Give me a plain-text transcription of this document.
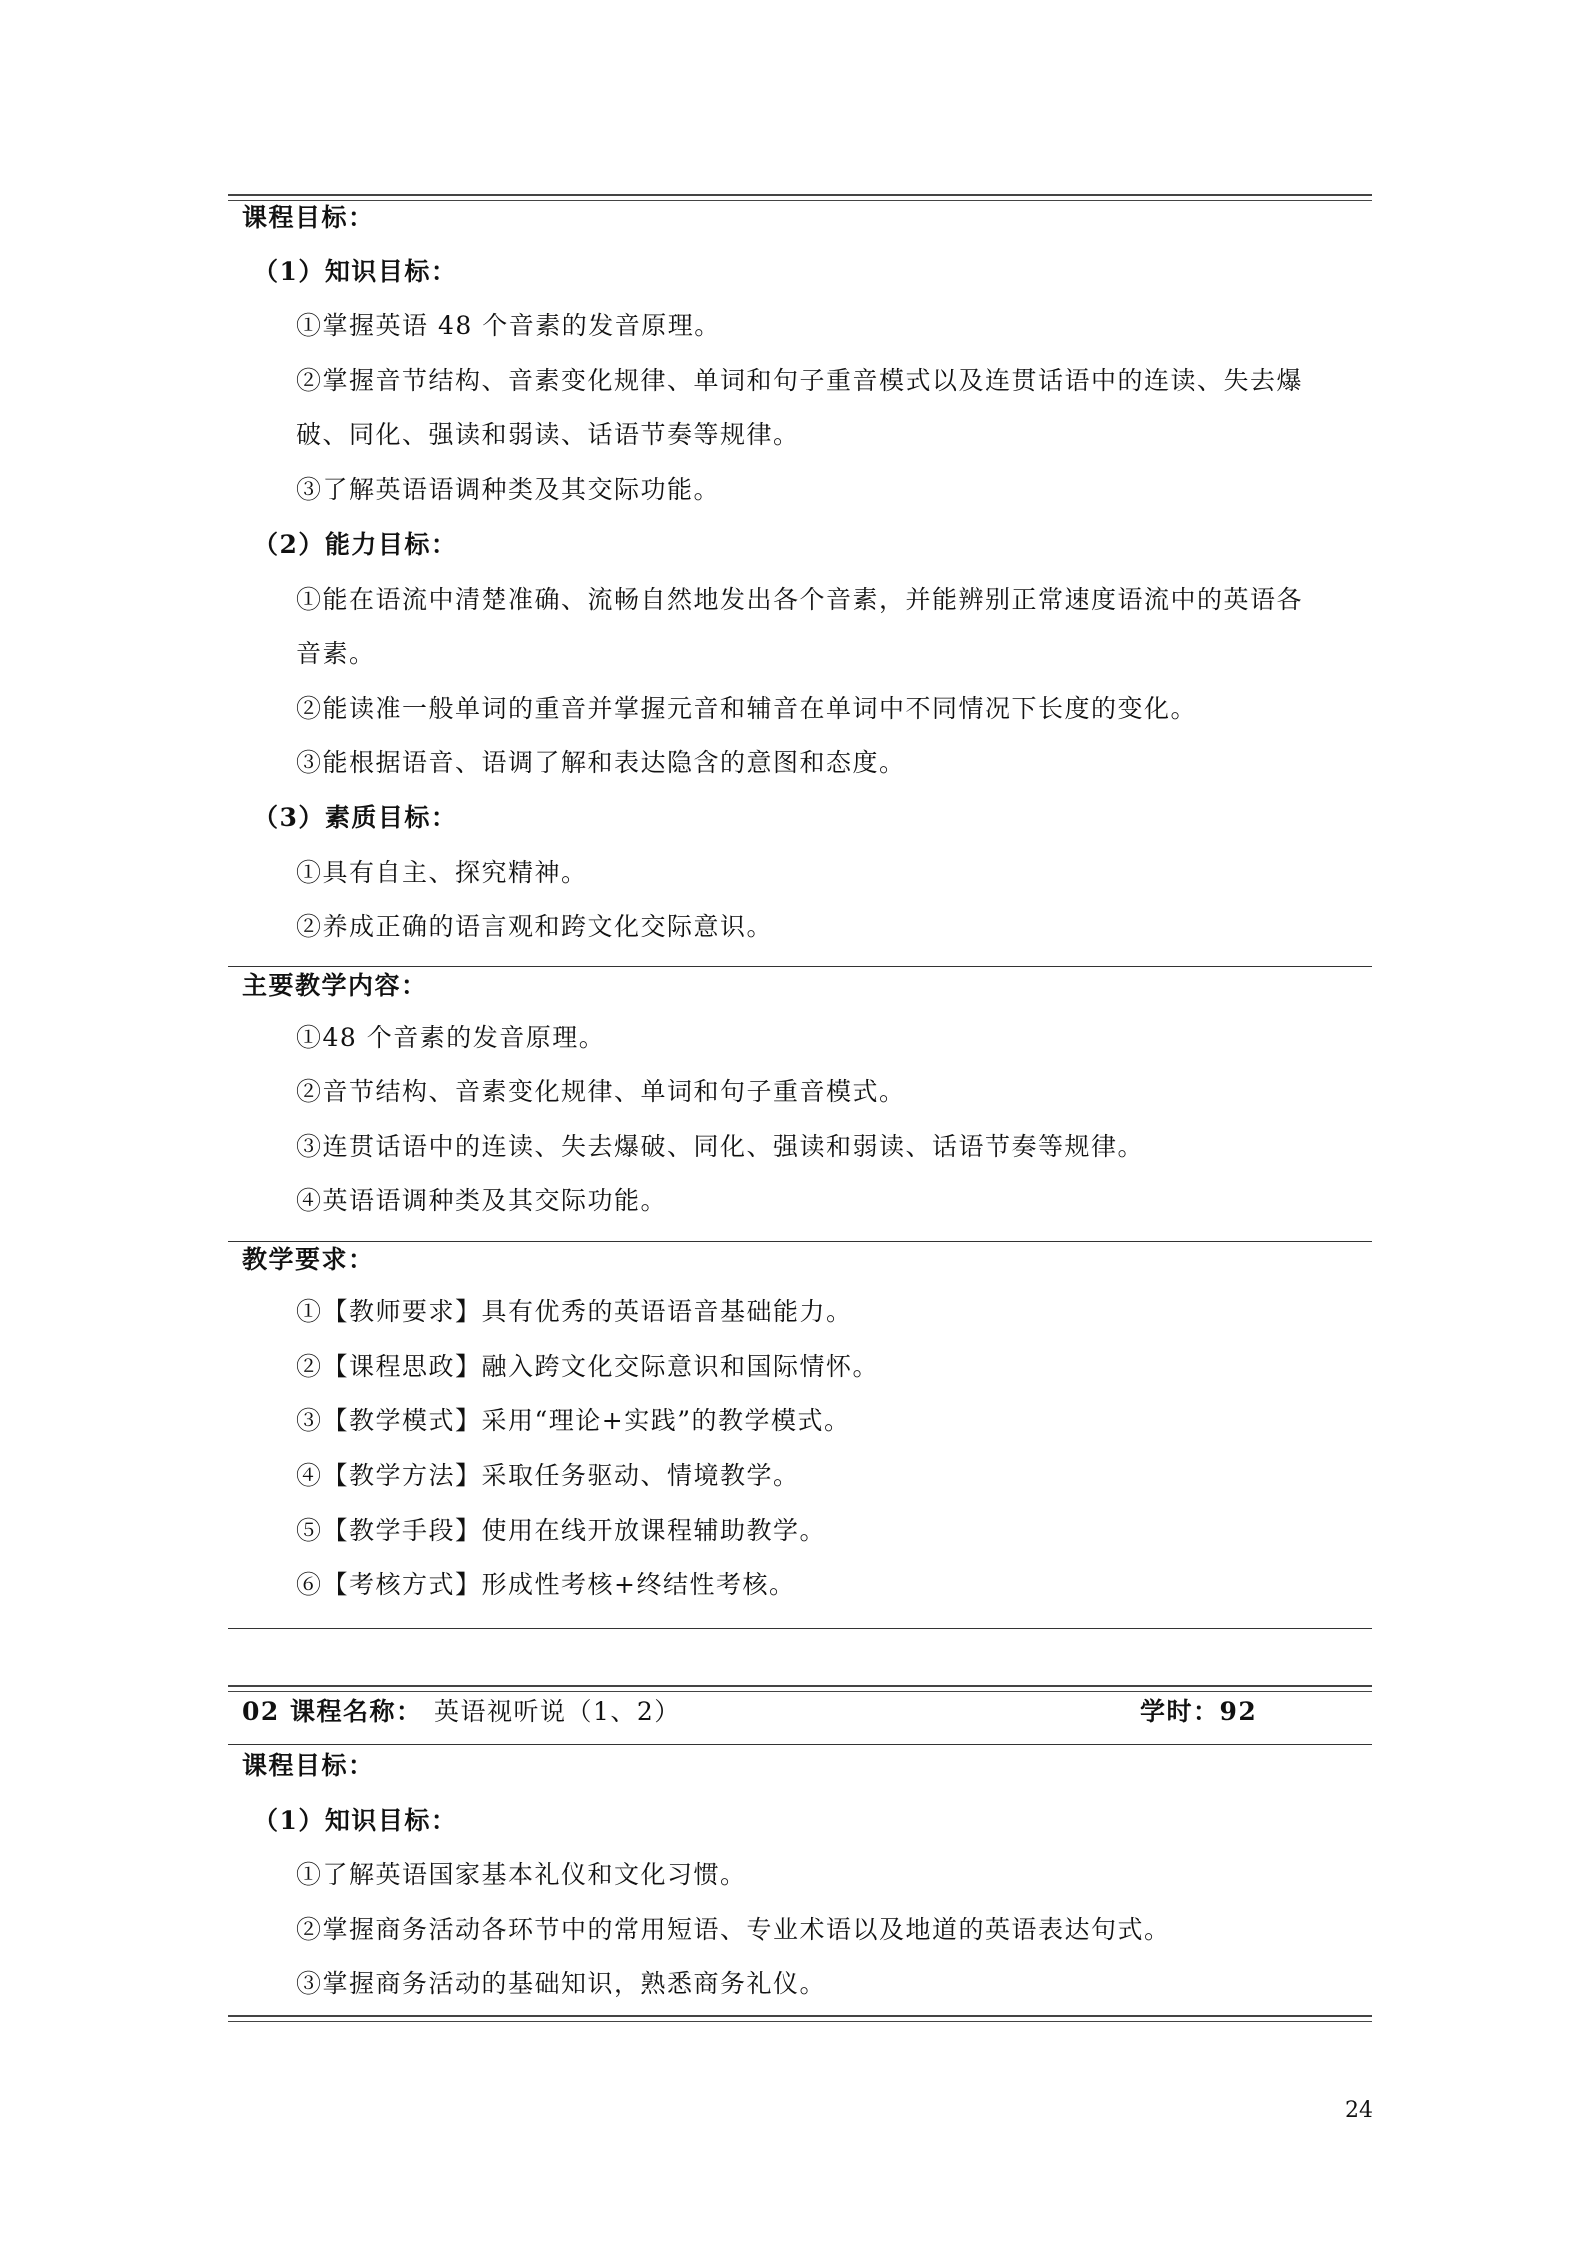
课程目标：
（1）知识目标：
①掌握英语 48 个音素的发音原理。
②掌握音节结构、音素变化规律、单词和句子重音模式以及连贯话语中的连读、失去爆
破、同化、强读和弱读、话语节奏等规律。
③了解英语语调种类及其交际功能。
（2）能力目标：
①能在语流中清楚准确、流畅自然地发出各个音素，并能辨别正常速度语流中的英语各
音素。
②能读准一般单词的重音并掌握元音和辅音在单词中不同情况下长度的变化。
③能根据语音、语调了解和表达隐含的意图和态度。
（3）素质目标：
①具有自主、探究精神。
②养成正确的语言观和跨文化交际意识。
主要教学内容：
①48 个音素的发音原理。
②音节结构、音素变化规律、单词和句子重音模式。
③连贯话语中的连读、失去爆破、同化、强读和弱读、话语节奏等规律。
④英语语调种类及其交际功能。
教学要求：
①【教师要求】具有优秀的英语语音基础能力。
②【课程思政】融入跨文化交际意识和国际情怀。
③【教学模式】采用“理论+实践”的教学模式。
④【教学方法】采取任务驱动、情境教学。
⑤【教学手段】使用在线开放课程辅助教学。
⑥【考核方式】形成性考核+终结性考核。
02 课程名称： 英语视听说（1、2）	学时：92
课程目标：
（1）知识目标：
①了解英语国家基本礼仪和文化习惯。
②掌握商务活动各环节中的常用短语、专业术语以及地道的英语表达句式。
③掌握商务活动的基础知识，熟悉商务礼仪。
24
